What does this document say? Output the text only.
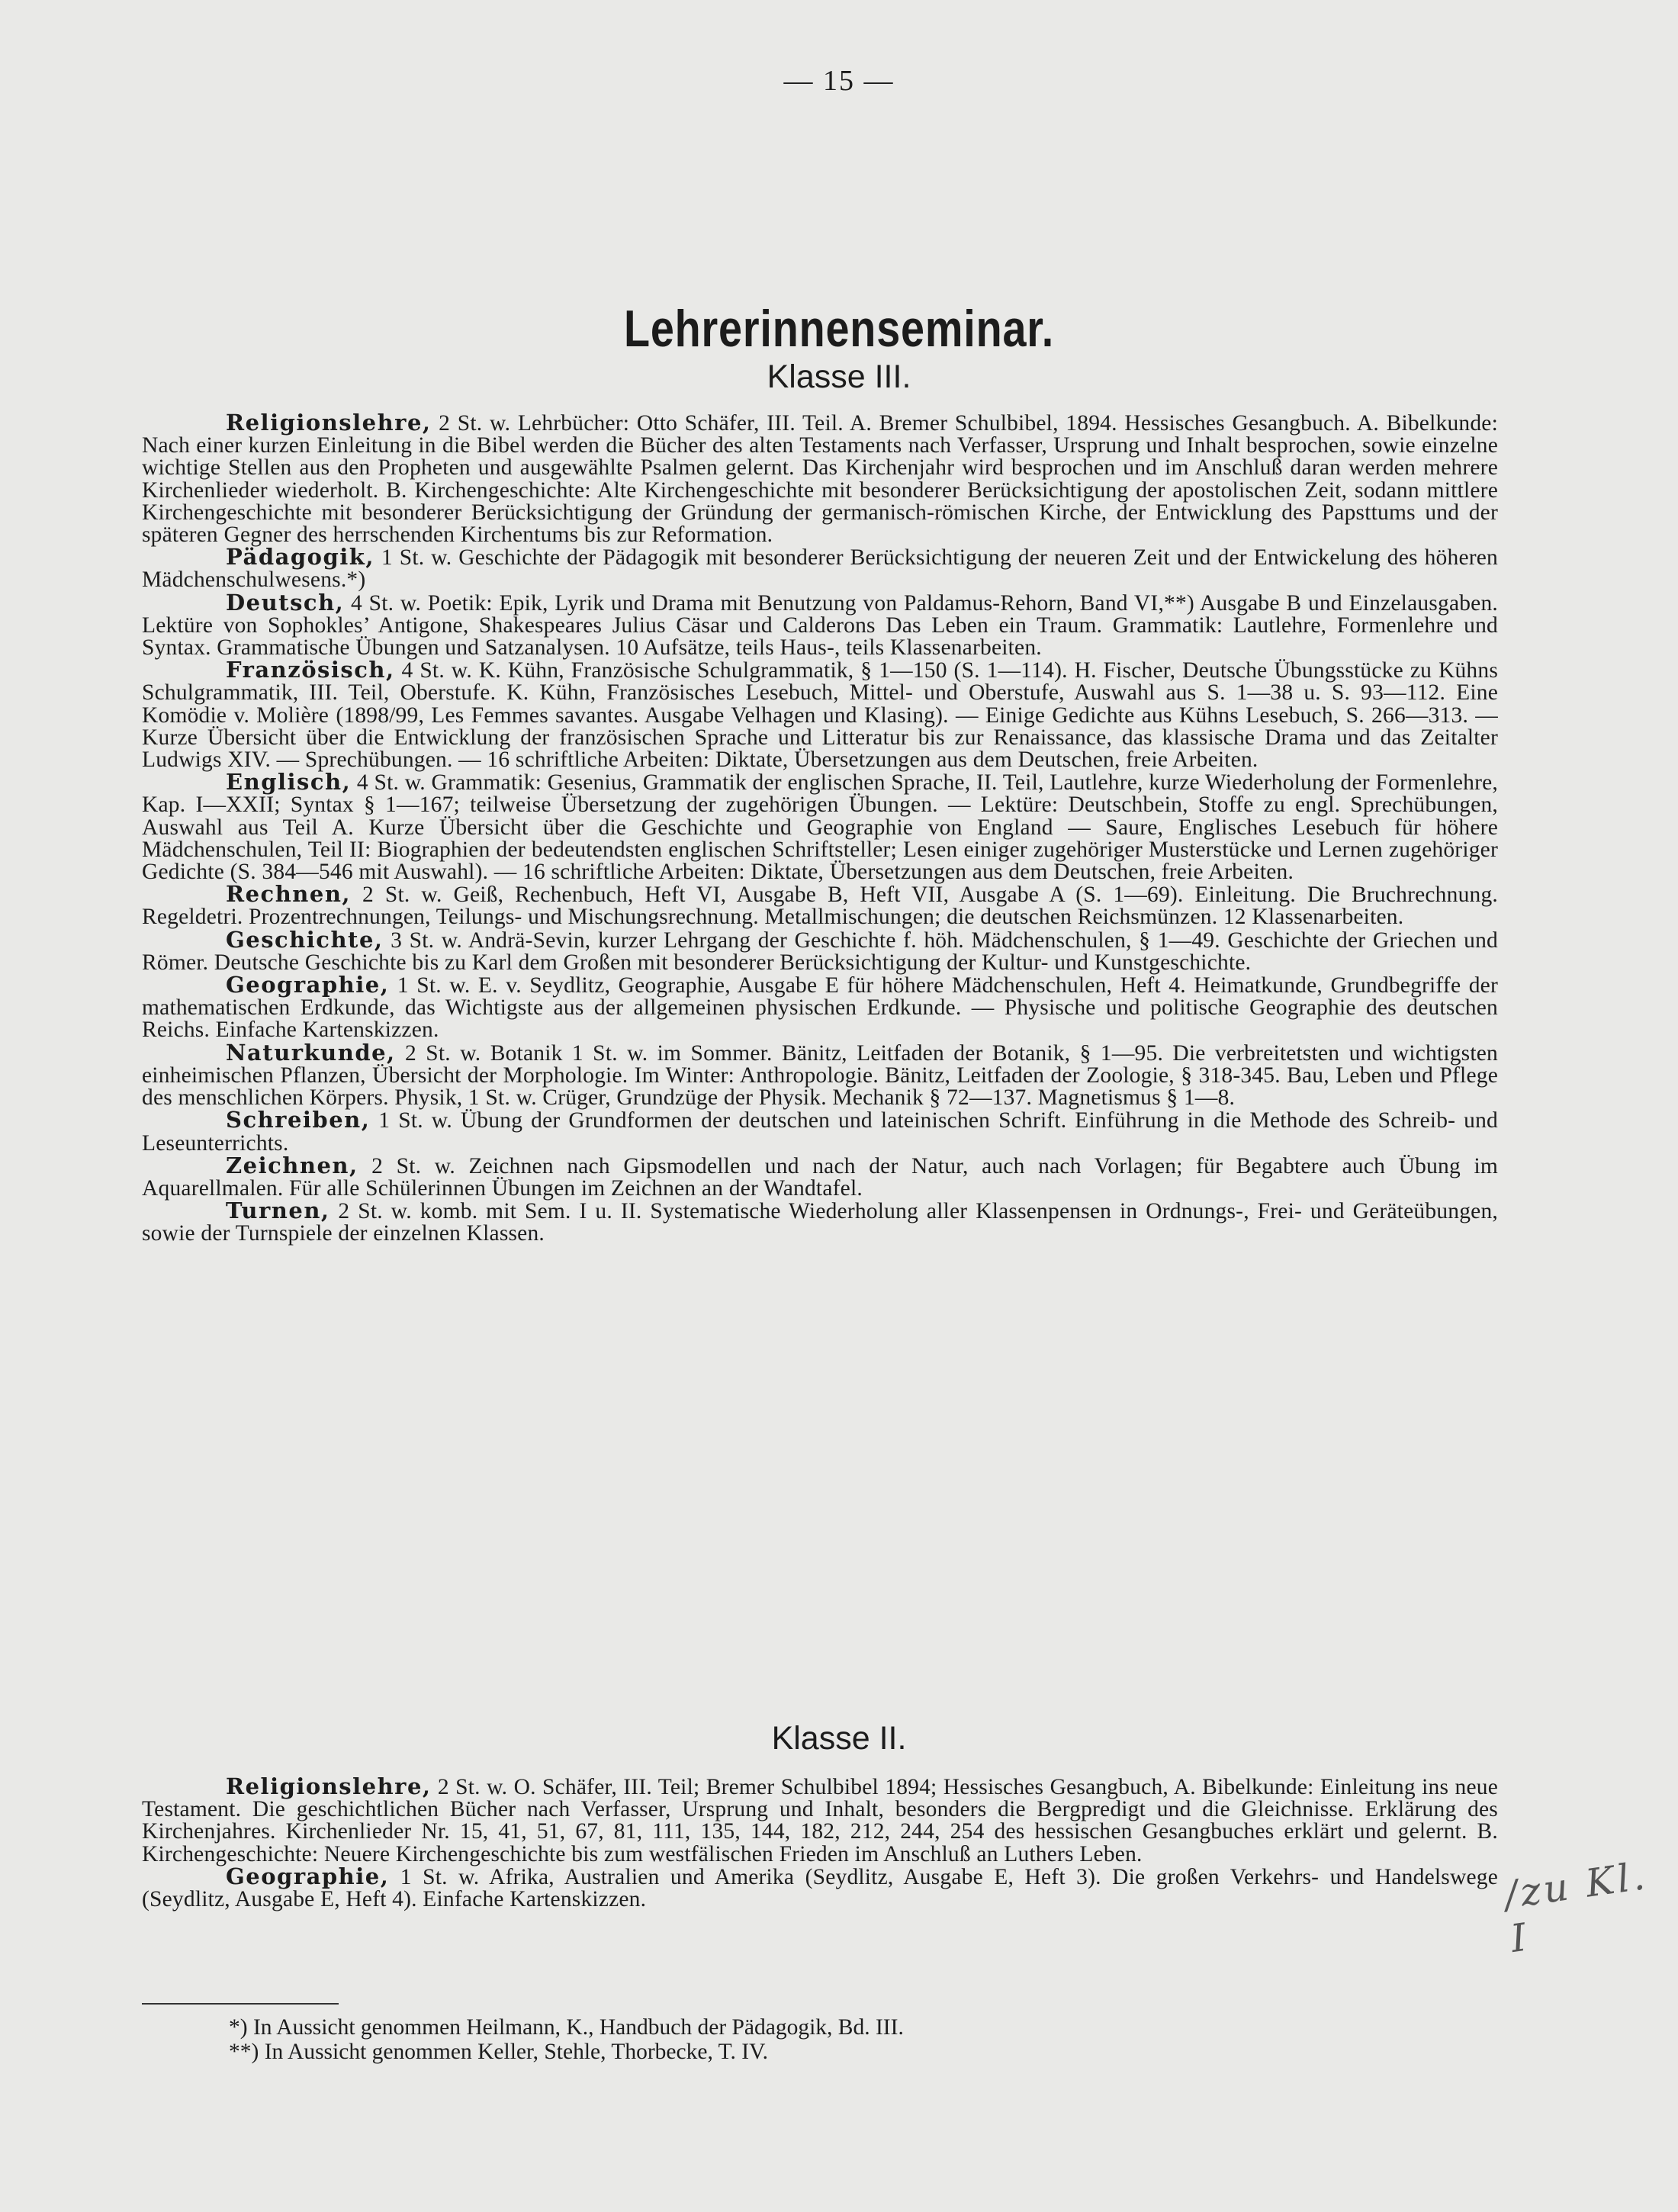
— 15 —
Lehrerinnenseminar.
Klasse III.

Religionslehre, 2 St. w. Lehrbücher: Otto Schäfer, III. Teil. A. Bremer Schulbibel, 1894. Hessisches Gesangbuch. A. Bibelkunde: Nach einer kurzen Einleitung in die Bibel werden die Bücher des alten Testaments nach Verfasser, Ursprung und Inhalt besprochen, sowie einzelne wichtige Stellen aus den Propheten und ausgewählte Psalmen gelernt. Das Kirchenjahr wird besprochen und im Anschluß daran werden mehrere Kirchenlieder wiederholt. B. Kirchengeschichte: Alte Kirchengeschichte mit besonderer Berücksichtigung der apostolischen Zeit, sodann mittlere Kirchengeschichte mit besonderer Berücksichtigung der Gründung der germanisch-römischen Kirche, der Entwicklung des Papsttums und der späteren Gegner des herrschenden Kirchentums bis zur Reformation.

Pädagogik, 1 St. w. Geschichte der Pädagogik mit besonderer Berücksichtigung der neueren Zeit und der Entwickelung des höheren Mädchenschulwesens.*)

Deutsch, 4 St. w. Poetik: Epik, Lyrik und Drama mit Benutzung von Paldamus-Rehorn, Band VI,**) Ausgabe B und Einzelausgaben. Lektüre von Sophokles’ Antigone, Shakespeares Julius Cäsar und Calderons Das Leben ein Traum. Grammatik: Lautlehre, Formenlehre und Syntax. Grammatische Übungen und Satzanalysen. 10 Aufsätze, teils Haus-, teils Klassenarbeiten.

Französisch, 4 St. w. K. Kühn, Französische Schulgrammatik, § 1—150 (S. 1—114). H. Fischer, Deutsche Übungsstücke zu Kühns Schulgrammatik, III. Teil, Oberstufe. K. Kühn, Französisches Lesebuch, Mittel- und Oberstufe, Auswahl aus S. 1—38 u. S. 93—112. Eine Komödie v. Molière (1898/99, Les Femmes savantes. Ausgabe Velhagen und Klasing). — Einige Gedichte aus Kühns Lesebuch, S. 266—313. — Kurze Übersicht über die Entwicklung der französischen Sprache und Litteratur bis zur Renaissance, das klassische Drama und das Zeitalter Ludwigs XIV. — Sprechübungen. — 16 schriftliche Arbeiten: Diktate, Übersetzungen aus dem Deutschen, freie Arbeiten.

Englisch, 4 St. w. Grammatik: Gesenius, Grammatik der englischen Sprache, II. Teil, Lautlehre, kurze Wiederholung der Formenlehre, Kap. I—XXII; Syntax § 1—167; teilweise Übersetzung der zugehörigen Übungen. — Lektüre: Deutschbein, Stoffe zu engl. Sprechübungen, Auswahl aus Teil A. Kurze Übersicht über die Geschichte und Geographie von England — Saure, Englisches Lesebuch für höhere Mädchenschulen, Teil II: Biographien der bedeutendsten englischen Schriftsteller; Lesen einiger zugehöriger Musterstücke und Lernen zugehöriger Gedichte (S. 384—546 mit Auswahl). — 16 schriftliche Arbeiten: Diktate, Übersetzungen aus dem Deutschen, freie Arbeiten.

Rechnen, 2 St. w. Geiß, Rechenbuch, Heft VI, Ausgabe B, Heft VII, Ausgabe A (S. 1—69). Einleitung. Die Bruchrechnung. Regeldetri. Prozentrechnungen, Teilungs- und Mischungsrechnung. Metallmischungen; die deutschen Reichsmünzen. 12 Klassenarbeiten.

Geschichte, 3 St. w. Andrä-Sevin, kurzer Lehrgang der Geschichte f. höh. Mädchenschulen, § 1—49. Geschichte der Griechen und Römer. Deutsche Geschichte bis zu Karl dem Großen mit besonderer Berücksichtigung der Kultur- und Kunstgeschichte.

Geographie, 1 St. w. E. v. Seydlitz, Geographie, Ausgabe E für höhere Mädchenschulen, Heft 4. Heimatkunde, Grundbegriffe der mathematischen Erdkunde, das Wichtigste aus der allgemeinen physischen Erdkunde. — Physische und politische Geographie des deutschen Reichs. Einfache Kartenskizzen.

Naturkunde, 2 St. w. Botanik 1 St. w. im Sommer. Bänitz, Leitfaden der Botanik, § 1—95. Die verbreitetsten und wichtigsten einheimischen Pflanzen, Übersicht der Morphologie. Im Winter: Anthropologie. Bänitz, Leitfaden der Zoologie, § 318-345. Bau, Leben und Pflege des menschlichen Körpers. Physik, 1 St. w. Crüger, Grundzüge der Physik. Mechanik § 72—137. Magnetismus § 1—8.

Schreiben, 1 St. w. Übung der Grundformen der deutschen und lateinischen Schrift. Einführung in die Methode des Schreib- und Leseunterrichts.

Zeichnen, 2 St. w. Zeichnen nach Gipsmodellen und nach der Natur, auch nach Vorlagen; für Begabtere auch Übung im Aquarellmalen. Für alle Schülerinnen Übungen im Zeichnen an der Wandtafel.

Turnen, 2 St. w. komb. mit Sem. I u. II. Systematische Wiederholung aller Klassenpensen in Ordnungs-, Frei- und Geräteübungen, sowie der Turnspiele der einzelnen Klassen.

Klasse II.

Religionslehre, 2 St. w. O. Schäfer, III. Teil; Bremer Schulbibel 1894; Hessisches Gesangbuch, A. Bibelkunde: Einleitung ins neue Testament. Die geschichtlichen Bücher nach Verfasser, Ursprung und Inhalt, besonders die Bergpredigt und die Gleichnisse. Erklärung des Kirchenjahres. Kirchenlieder Nr. 15, 41, 51, 67, 81, 111, 135, 144, 182, 212, 244, 254 des hessischen Gesangbuches erklärt und gelernt. B. Kirchengeschichte: Neuere Kirchengeschichte bis zum westfälischen Frieden im Anschluß an Luthers Leben.

Geographie, 1 St. w. Afrika, Australien und Amerika (Seydlitz, Ausgabe E, Heft 3). Die großen Verkehrs- und Handelswege (Seydlitz, Ausgabe E, Heft 4). Einfache Kartenskizzen.	/zu Kl. I

*) In Aussicht genommen Heilmann, K., Handbuch der Pädagogik, Bd. III.

**) In Aussicht genommen Keller, Stehle, Thorbecke, T. IV.
